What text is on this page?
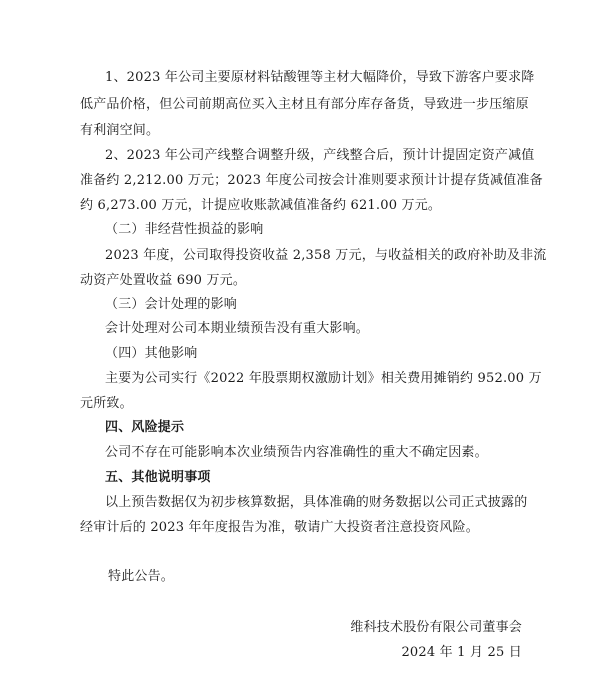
1、2023 年公司主要原材料钴酸锂等主材大幅降价，导致下游客户要求降
低产品价格，但公司前期高位买入主材且有部分库存备货，导致进一步压缩原
有利润空间。
2、2023 年公司产线整合调整升级，产线整合后，预计计提固定资产减值
准备约 2,212.00 万元；2023 年度公司按会计准则要求预计计提存货减值准备
约 6,273.00 万元，计提应收账款减值准备约 621.00 万元。
（二）非经营性损益的影响
2023 年度，公司取得投资收益 2,358 万元，与收益相关的政府补助及非流
动资产处置收益 690 万元。
（三）会计处理的影响
会计处理对公司本期业绩预告没有重大影响。
（四）其他影响
主要为公司实行《2022 年股票期权激励计划》相关费用摊销约 952.00 万
元所致。
四、风险提示
公司不存在可能影响本次业绩预告内容准确性的重大不确定因素。
五、其他说明事项
以上预告数据仅为初步核算数据，具体准确的财务数据以公司正式披露的
经审计后的 2023 年年度报告为准，敬请广大投资者注意投资风险。
特此公告。
维科技术股份有限公司董事会
2024 年 1 月 25 日
